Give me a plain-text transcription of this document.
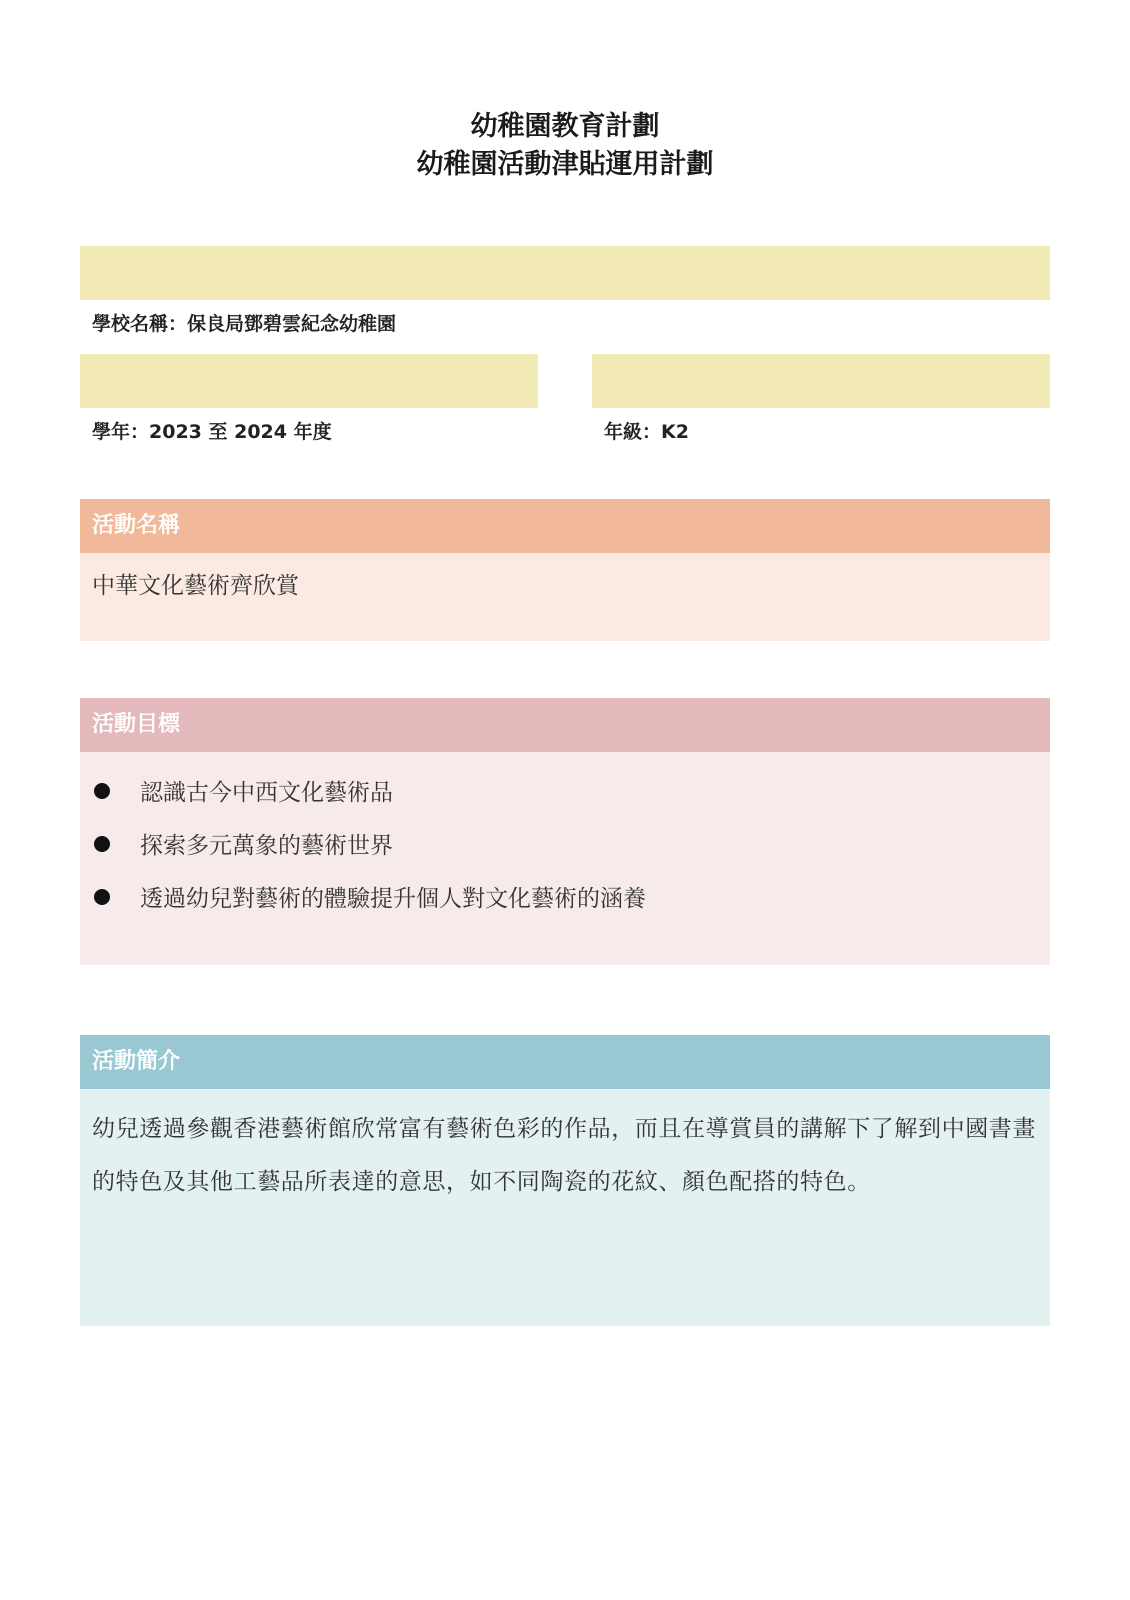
幼稚園教育計劃
幼稚園活動津貼運用計劃
學校名稱：保良局鄧碧雲紀念幼稚園
學年：2023 至 2024 年度	年級：K2
活動名稱
中華文化藝術齊欣賞
活動目標
認識古今中西文化藝術品
探索多元萬象的藝術世界
透過幼兒對藝術的體驗提升個人對文化藝術的涵養
活動簡介
幼兒透過參觀香港藝術館欣常富有藝術色彩的作品，而且在導賞員的講解下了解到中國書畫的特色及其他工藝品所表達的意思，如不同陶瓷的花紋、顏色配搭的特色。
